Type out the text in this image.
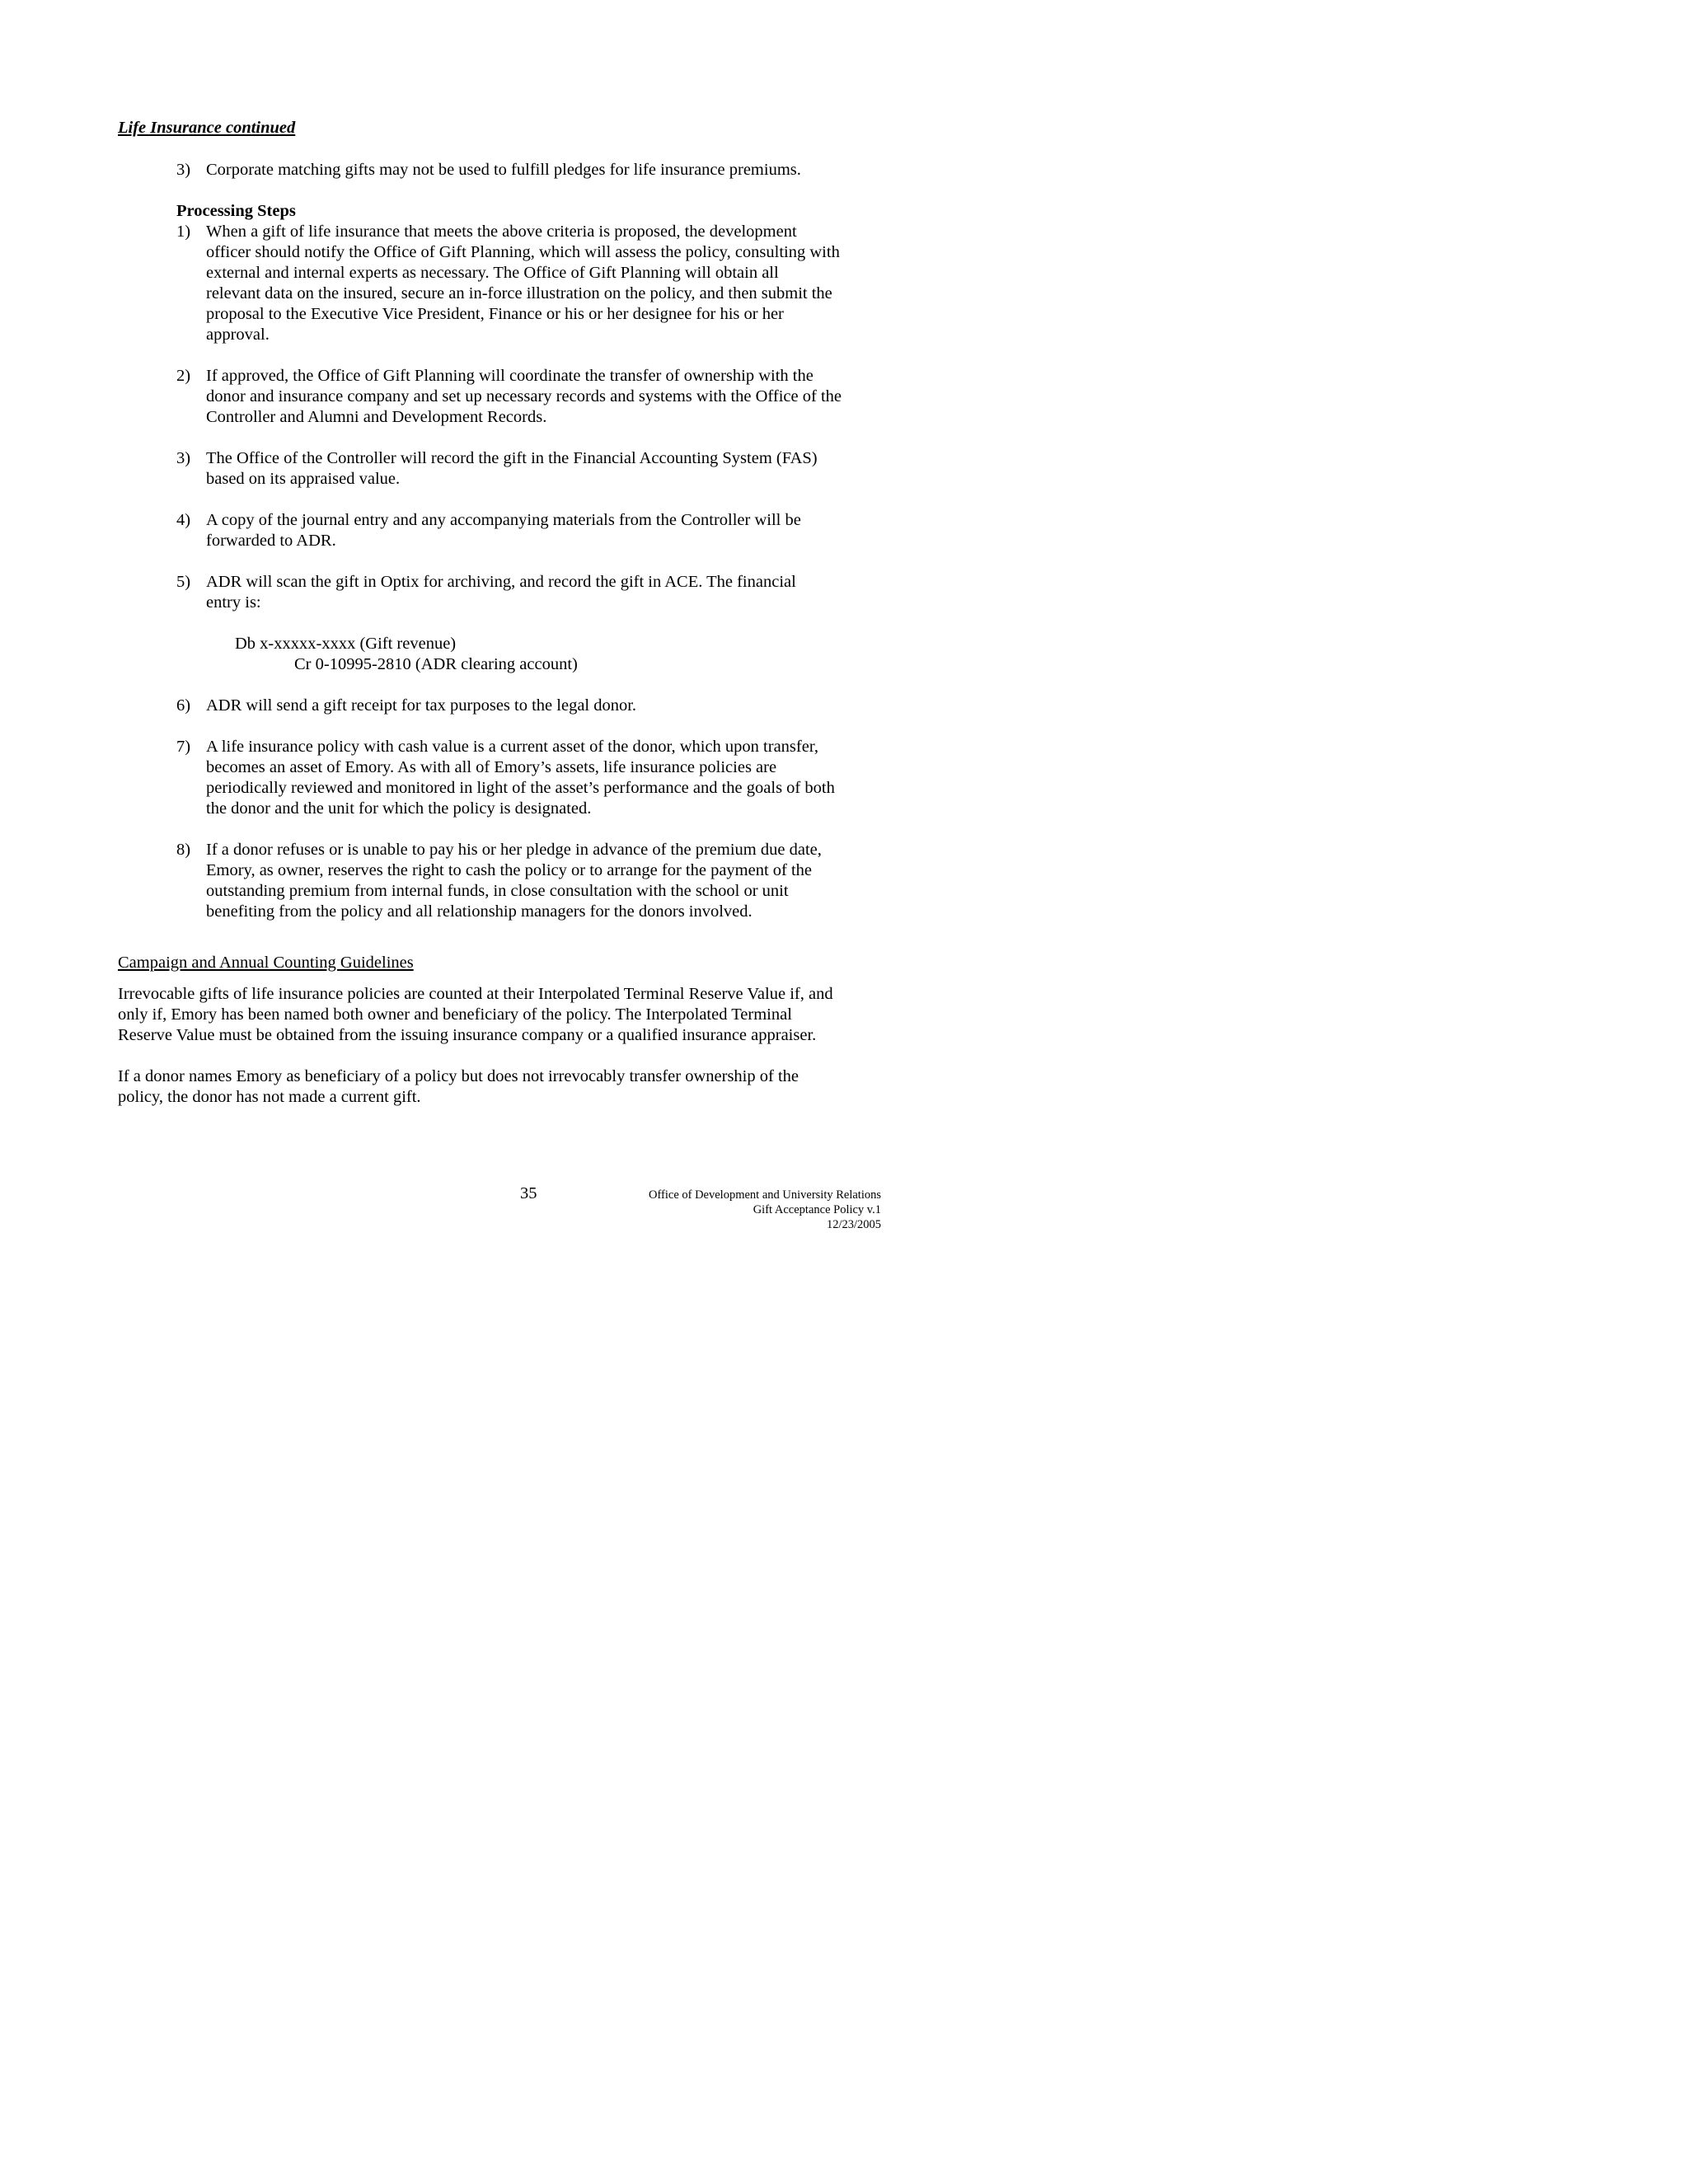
Life Insurance continued
3) Corporate matching gifts may not be used to fulfill pledges for life insurance premiums.
Processing Steps
1) When a gift of life insurance that meets the above criteria is proposed, the development
officer should notify the Office of Gift Planning, which will assess the policy, consulting with
external and internal experts as necessary. The Office of Gift Planning will obtain all
relevant data on the insured, secure an in-force illustration on the policy, and then submit the
proposal to the Executive Vice President, Finance or his or her designee for his or her
approval.
2) If approved, the Office of Gift Planning will coordinate the transfer of ownership with the
donor and insurance company and set up necessary records and systems with the Office of the
Controller and Alumni and Development Records.
3) The Office of the Controller will record the gift in the Financial Accounting System (FAS)
based on its appraised value.
4) A copy of the journal entry and any accompanying materials from the Controller will be
forwarded to ADR.
5) ADR will scan the gift in Optix for archiving, and record the gift in ACE. The financial
entry is:
Db x-xxxxx-xxxx (Gift revenue)
Cr 0-10995-2810 (ADR clearing account)
6) ADR will send a gift receipt for tax purposes to the legal donor.
7) A life insurance policy with cash value is a current asset of the donor, which upon transfer,
becomes an asset of Emory. As with all of Emory’s assets, life insurance policies are
periodically reviewed and monitored in light of the asset’s performance and the goals of both
the donor and the unit for which the policy is designated.
8) If a donor refuses or is unable to pay his or her pledge in advance of the premium due date,
Emory, as owner, reserves the right to cash the policy or to arrange for the payment of the
outstanding premium from internal funds, in close consultation with the school or unit
benefiting from the policy and all relationship managers for the donors involved.
Campaign and Annual Counting Guidelines
Irrevocable gifts of life insurance policies are counted at their Interpolated Terminal Reserve Value if, and
only if, Emory has been named both owner and beneficiary of the policy. The Interpolated Terminal
Reserve Value must be obtained from the issuing insurance company or a qualified insurance appraiser.
If a donor names Emory as beneficiary of a policy but does not irrevocably transfer ownership of the
policy, the donor has not made a current gift.
35	Office of Development and University Relations
Gift Acceptance Policy v.1
12/23/2005
